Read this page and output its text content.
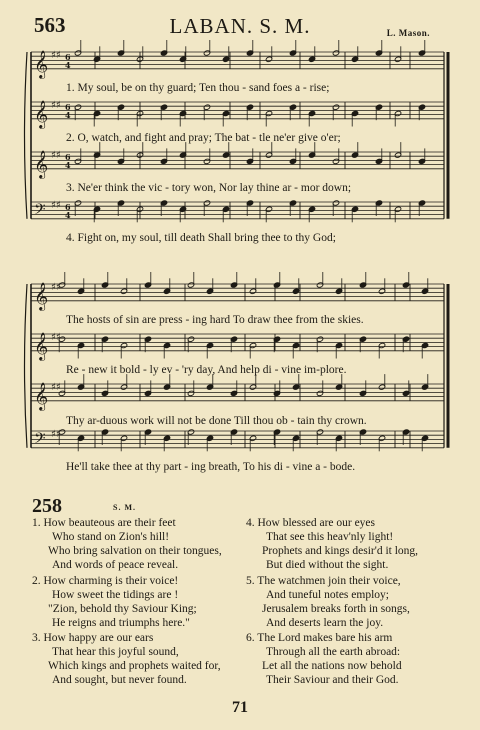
563	LABAN. S. M.	L. Mason.
𝄞 ♯♯ 6
4
𝄞 ♯♯ 6
4
𝄞 ♯♯ 6
4
𝄢 ♯♯ 6
4
𝄞 ♯♯
𝄞 ♯♯
𝄞 ♯♯
𝄢 ♯♯
1. My soul, be on thy guard; Ten thou - sand foes a - rise;
2. O, watch, and fight and pray; The bat - tle ne'er give o'er;
3. Ne'er think the vic - tory won, Nor lay thine ar - mor down;
4. Fight on, my soul, till death Shall bring thee to thy God;
The hosts of sin are press - ing hard To draw thee from the skies.
Re - new it bold - ly ev - 'ry day, And help di - vine im-plore.
Thy ar-duous work will not be done Till thou ob - tain thy crown.
He'll take thee at thy part - ing breath, To his di - vine a - bode.
258	S. M.
1. How beauteous are their feet
Who stand on Zion's hill!
Who bring salvation on their tongues,
And words of peace reveal.
2. How charming is their voice!
How sweet the tidings are !
"Zion, behold thy Saviour King;
He reigns and triumphs here."
3. How happy are our ears
That hear this joyful sound,
Which kings and prophets waited for,
And sought, but never found.
4. How blessed are our eyes
That see this heav'nly light!
Prophets and kings desir'd it long,
But died without the sight.
5. The watchmen join their voice,
And tuneful notes employ;
Jerusalem breaks forth in songs,
And deserts learn the joy.
6. The Lord makes bare his arm
Through all the earth abroad:
Let all the nations now behold
Their Saviour and their God.
71
